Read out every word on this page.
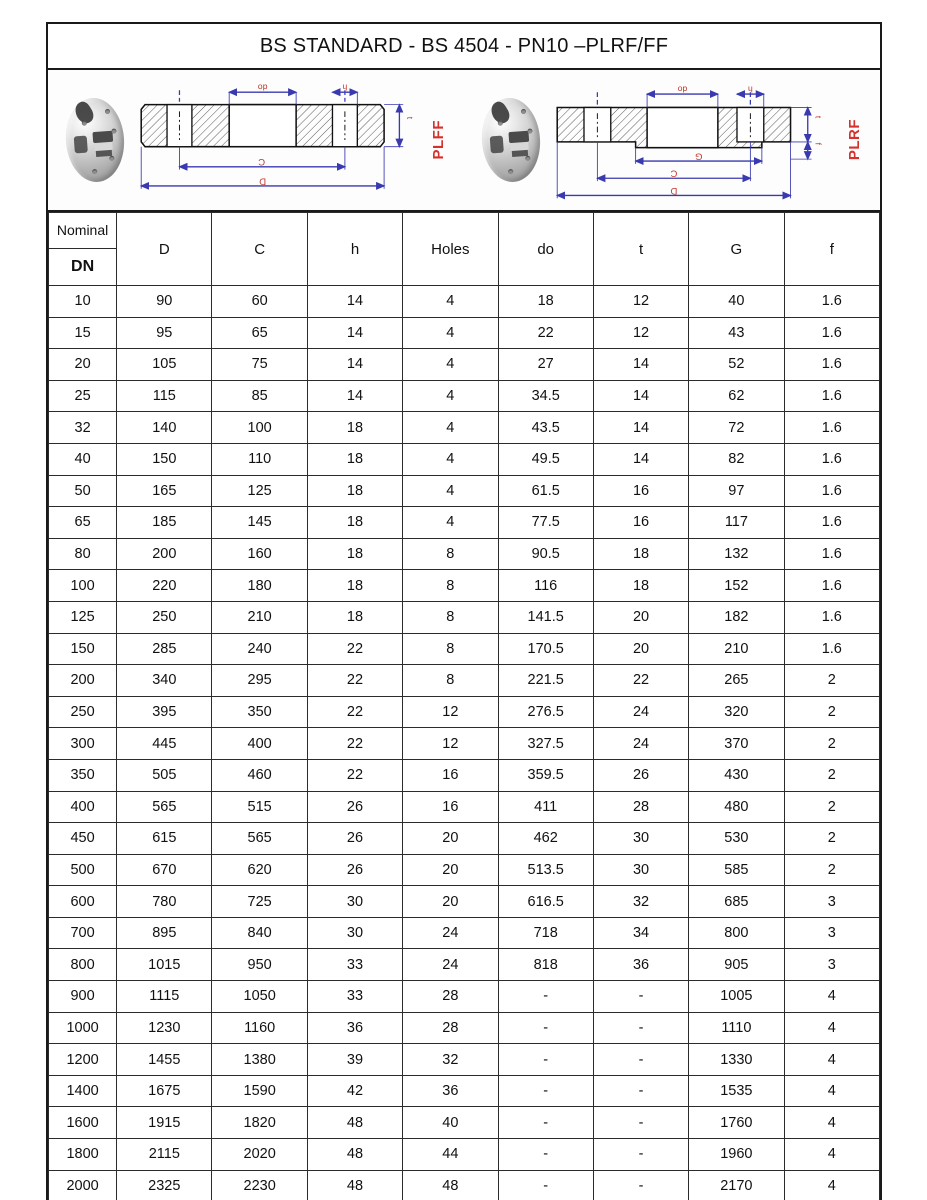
BS STANDARD - BS 4504 - PN10 –PLRF/FF
do	h
t
C
D
PLFF
do	h
t
f
G
C
D
PLRF
Nominal
DN	D	C	h	Holes	do	t	G	f
10	90	60	14	4	18	12	40	1.6
15	95	65	14	4	22	12	43	1.6
20	105	75	14	4	27	14	52	1.6
25	115	85	14	4	34.5	14	62	1.6
32	140	100	18	4	43.5	14	72	1.6
40	150	110	18	4	49.5	14	82	1.6
50	165	125	18	4	61.5	16	97	1.6
65	185	145	18	4	77.5	16	117	1.6
80	200	160	18	8	90.5	18	132	1.6
100	220	180	18	8	116	18	152	1.6
125	250	210	18	8	141.5	20	182	1.6
150	285	240	22	8	170.5	20	210	1.6
200	340	295	22	8	221.5	22	265	2
250	395	350	22	12	276.5	24	320	2
300	445	400	22	12	327.5	24	370	2
350	505	460	22	16	359.5	26	430	2
400	565	515	26	16	411	28	480	2
450	615	565	26	20	462	30	530	2
500	670	620	26	20	513.5	30	585	2
600	780	725	30	20	616.5	32	685	3
700	895	840	30	24	718	34	800	3
800	1015	950	33	24	818	36	905	3
900	1115	1050	33	28	-	-	1005	4
1000	1230	1160	36	28	-	-	1110	4
1200	1455	1380	39	32	-	-	1330	4
1400	1675	1590	42	36	-	-	1535	4
1600	1915	1820	48	40	-	-	1760	4
1800	2115	2020	48	44	-	-	1960	4
2000	2325	2230	48	48	-	-	2170	4
